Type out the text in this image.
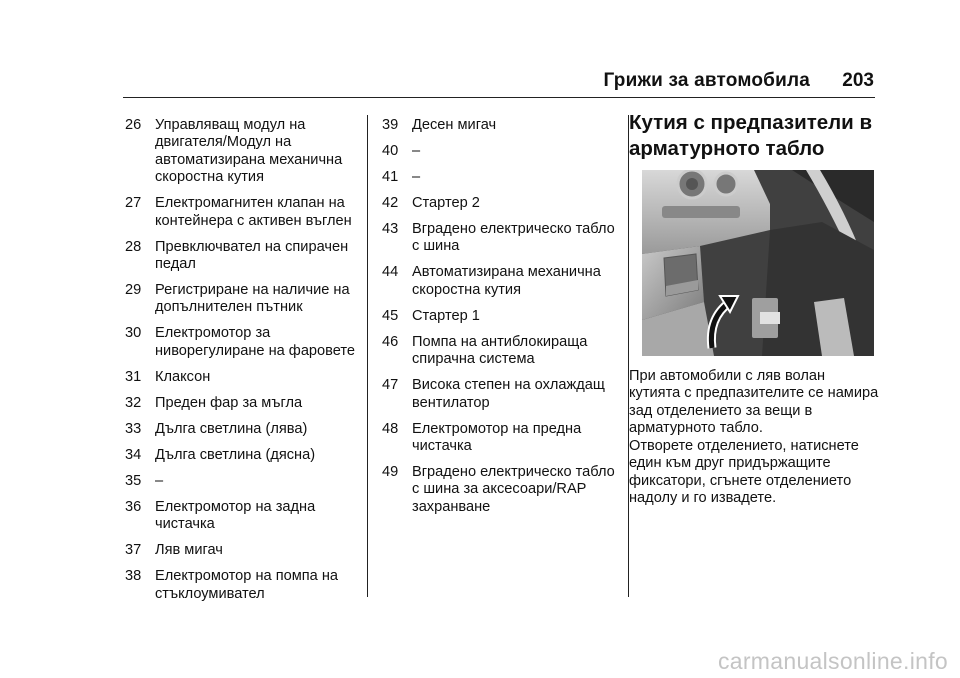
Грижи за автомобила	203
26 Управляващ модул на двигателя/Модул на автоматизирана механична скоростна кутия
27 Електромагнитен клапан на контейнера с активен въглен
28 Превключвател на спирачен педал
29 Регистриране на наличие на допълнителен пътник
30 Електромотор за ниворегулиране на фаровете
31 Клаксон
32 Преден фар за мъгла
33 Дълга светлина (лява)
34 Дълга светлина (дясна)
35 –
36 Електромотор на задна чистачка
37 Ляв мигач
38 Електромотор на помпа на стъклоумивател
39 Десен мигач
40 –
41 –
42 Стартер 2
43 Вградено електрическо табло с шина
44 Автоматизирана механична скоростна кутия
45 Стартер 1
46 Помпа на антиблокираща спирачна система
47 Висока степен на охлаждащ вентилатор
48 Електромотор на предна чистачка
49 Вградено електрическо табло с шина за аксесоари/RAP захранване
Кутия с предпазители в арматурното табло

При автомобили с ляв волан кутията с предпазителите се намира зад отделението за вещи в арматурното табло.

Отворете отделението, натиснете един към друг придържащите фиксатори, сгънете отделението надолу и го извадете.

carmanualsonline.info
